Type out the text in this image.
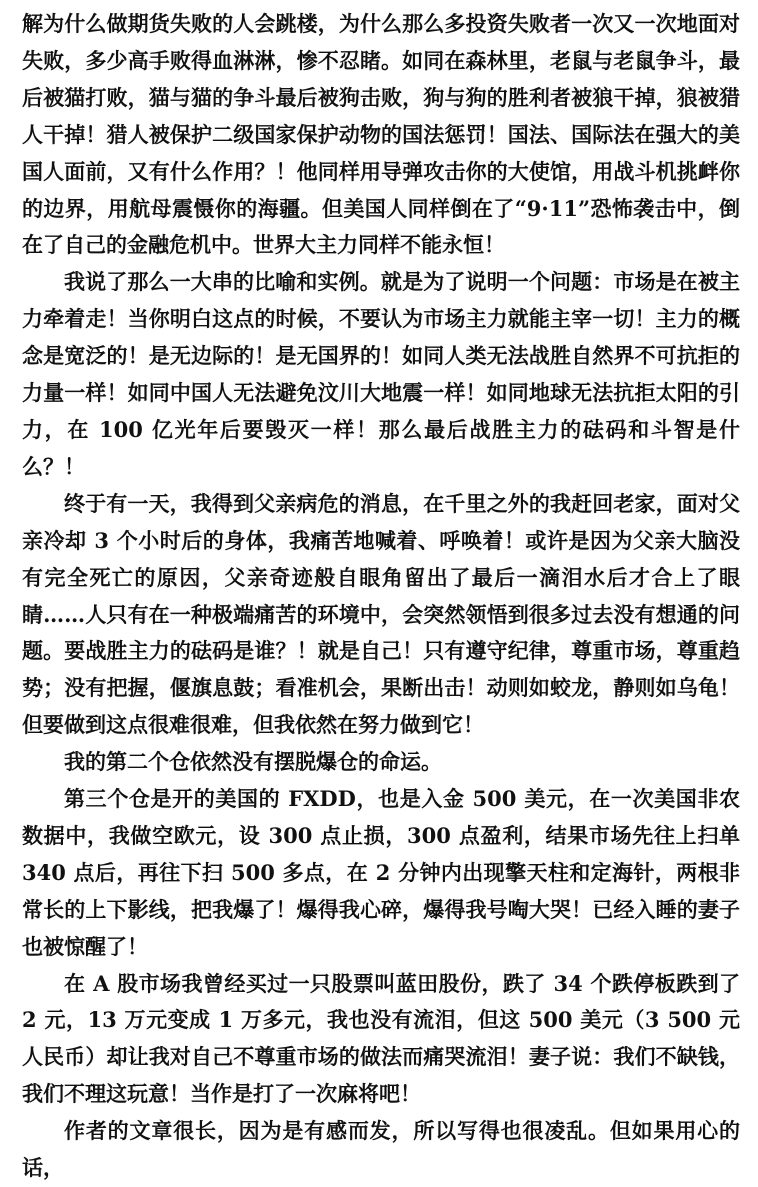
解为什么做期货失败的人会跳楼，为什么那么多投资失败者一次又一次地面对失败，多少高手败得血淋淋，惨不忍睹。如同在森林里，老鼠与老鼠争斗，最后被猫打败，猫与猫的争斗最后被狗击败，狗与狗的胜利者被狼干掉，狼被猎人干掉！猎人被保护二级国家保护动物的国法惩罚！国法、国际法在强大的美国人面前，又有什么作用？！他同样用导弹攻击你的大使馆，用战斗机挑衅你的边界，用航母震慑你的海疆。但美国人同样倒在了“9·11”恐怖袭击中，倒在了自己的金融危机中。世界大主力同样不能永恒！

我说了那么一大串的比喻和实例。就是为了说明一个问题：市场是在被主力牵着走！当你明白这点的时候，不要认为市场主力就能主宰一切！主力的概念是宽泛的！是无边际的！是无国界的！如同人类无法战胜自然界不可抗拒的力量一样！如同中国人无法避免汶川大地震一样！如同地球无法抗拒太阳的引力，在 100 亿光年后要毁灭一样！那么最后战胜主力的砝码和斗智是什么？！

终于有一天，我得到父亲病危的消息，在千里之外的我赶回老家，面对父亲冷却 3 个小时后的身体，我痛苦地喊着、呼唤着！或许是因为父亲大脑没有完全死亡的原因，父亲奇迹般自眼角留出了最后一滴泪水后才合上了眼睛……人只有在一种极端痛苦的环境中，会突然领悟到很多过去没有想通的问题。要战胜主力的砝码是谁？！就是自己！只有遵守纪律，尊重市场，尊重趋势；没有把握，偃旗息鼓；看准机会，果断出击！动则如蛟龙，静则如乌龟！但要做到这点很难很难，但我依然在努力做到它！

我的第二个仓依然没有摆脱爆仓的命运。

第三个仓是开的美国的 FXDD，也是入金 500 美元，在一次美国非农数据中，我做空欧元，设 300 点止损，300 点盈利，结果市场先往上扫单 340 点后，再往下扫 500 多点，在 2 分钟内出现擎天柱和定海针，两根非常长的上下影线，把我爆了！爆得我心碎，爆得我号啕大哭！已经入睡的妻子也被惊醒了！

在 A 股市场我曾经买过一只股票叫蓝田股份，跌了 34 个跌停板跌到了 2 元，13 万元变成 1 万多元，我也没有流泪，但这 500 美元（3 500 元人民币）却让我对自己不尊重市场的做法而痛哭流泪！妻子说：我们不缺钱，我们不理这玩意！当作是打了一次麻将吧！

作者的文章很长，因为是有感而发，所以写得也很凌乱。但如果用心的话，
